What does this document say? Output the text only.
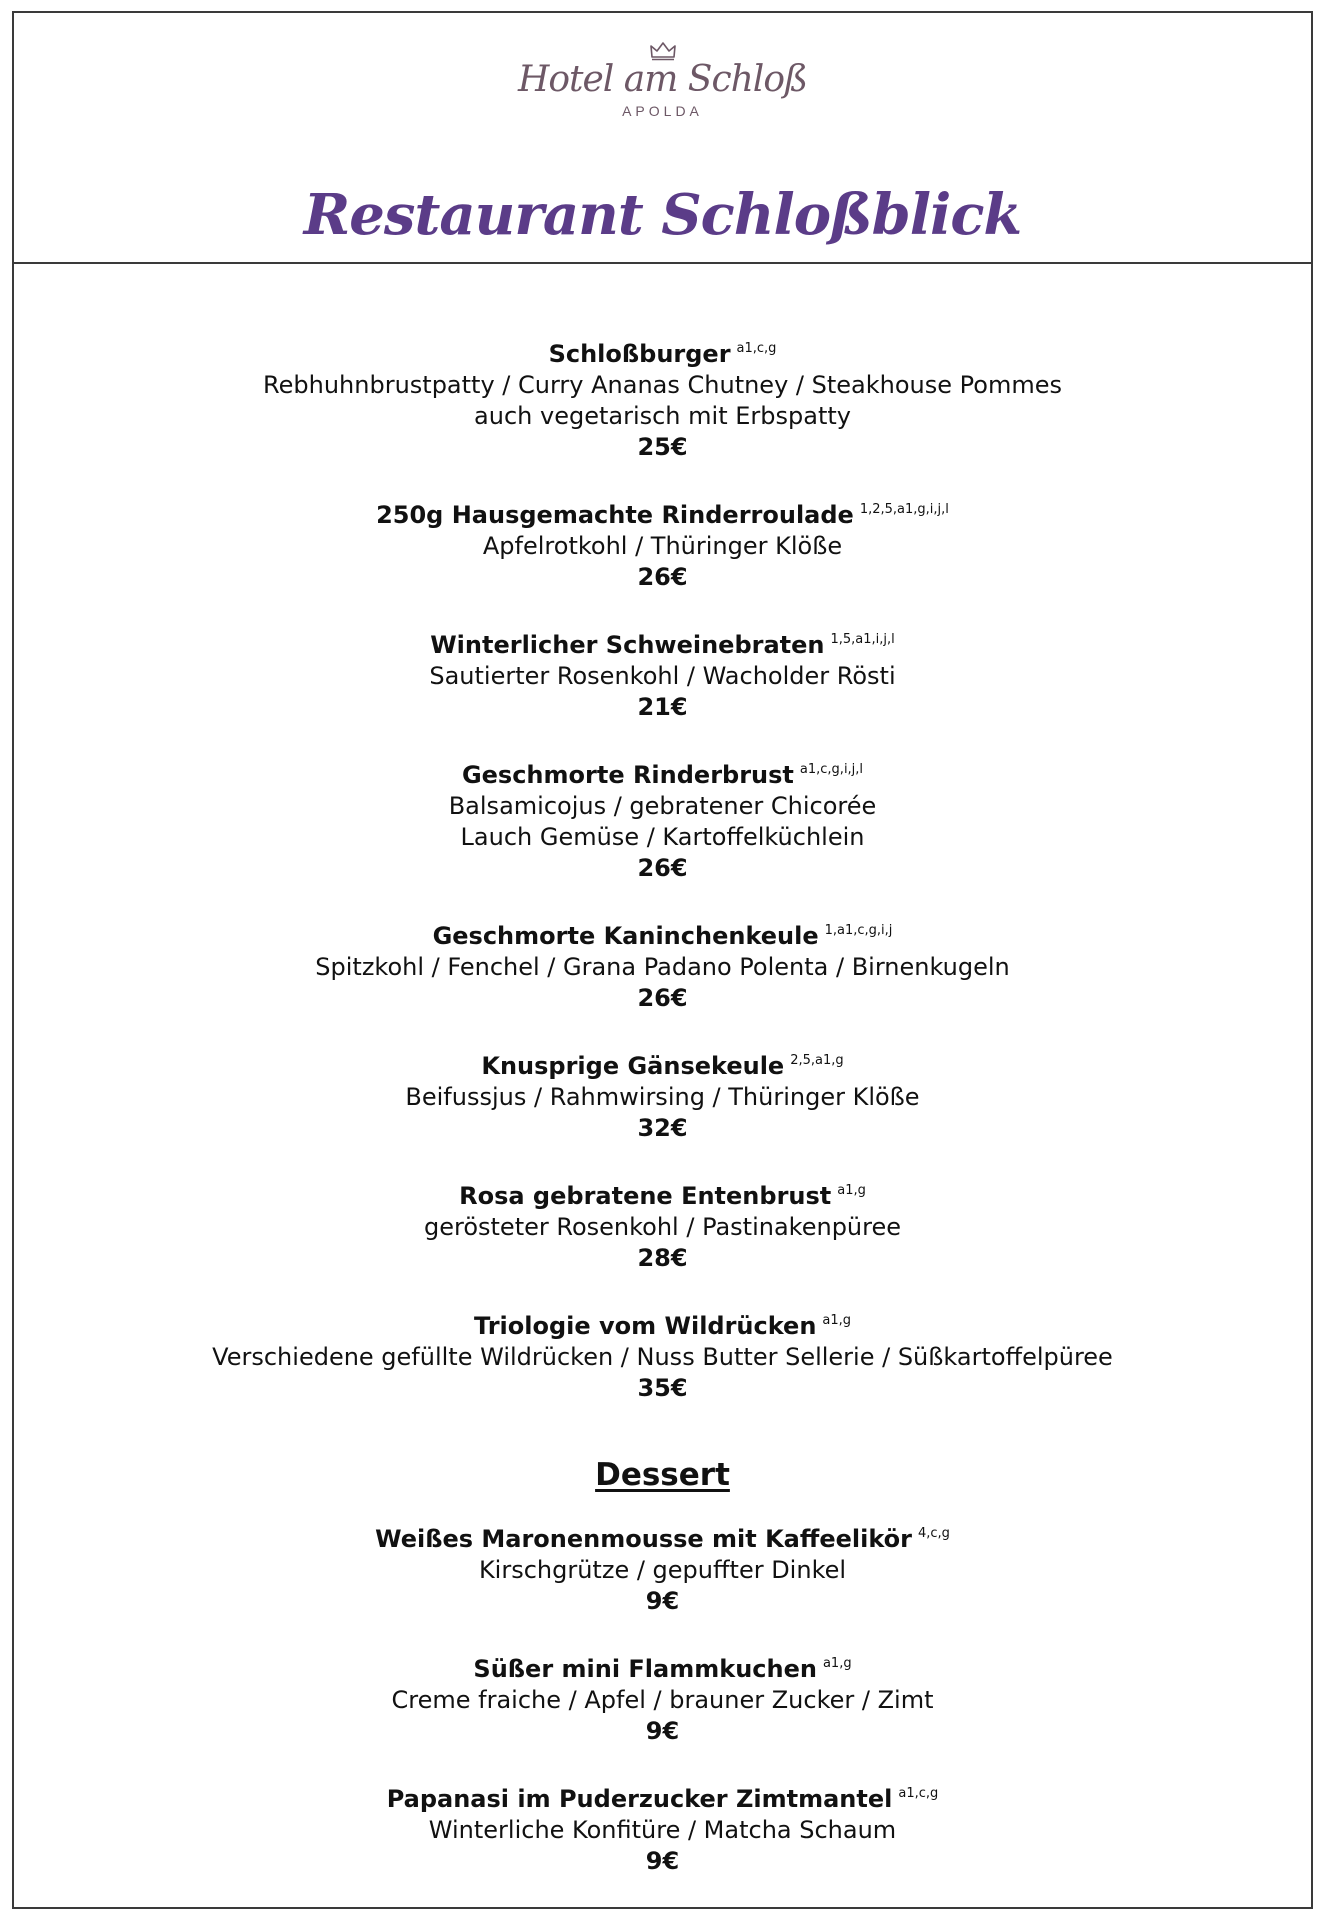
Hotel am Schloß
APOLDA
Restaurant Schloßblick
Schloßburger $^{a1,c,g}$
Rebhuhnbrustpatty / Curry Ananas Chutney / Steakhouse Pommes
auch vegetarisch mit Erbspatty
25€
250g Hausgemachte Rinderroulade $^{1,2,5,a1,g,i,j,l}$
Apfelrotkohl / Thüringer Klöße
26€
Winterlicher Schweinebraten $^{1,5,a1,i,j,l}$
Sautierter Rosenkohl / Wacholder Rösti
21€
Geschmorte Rinderbrust $^{a1,c,g,i,j,l}$
Balsamicojus / gebratener Chicorée
Lauch Gemüse / Kartoffelküchlein
26€
Geschmorte Kaninchenkeule $^{1,a1,c,g,i,j}$
Spitzkohl / Fenchel / Grana Padano Polenta / Birnenkugeln
26€
Knusprige Gänsekeule $^{2,5,a1,g}$
Beifussjus / Rahmwirsing / Thüringer Klöße
32€
Rosa gebratene Entenbrust $^{a1,g}$
gerösteter Rosenkohl / Pastinakenpüree
28€
Triologie vom Wildrücken $^{a1,g}$
Verschiedene gefüllte Wildrücken / Nuss Butter Sellerie / Süßkartoffelpüree
35€
Dessert
Weißes Maronenmousse mit Kaffeelikör $^{4,c,g}$
Kirschgrütze / gepuffter Dinkel
9€
Süßer mini Flammkuchen $^{a1,g}$
Creme fraiche / Apfel / brauner Zucker / Zimt
9€
Papanasi im Puderzucker Zimtmantel $^{a1,c,g}$
Winterliche Konfitüre / Matcha Schaum
9€
